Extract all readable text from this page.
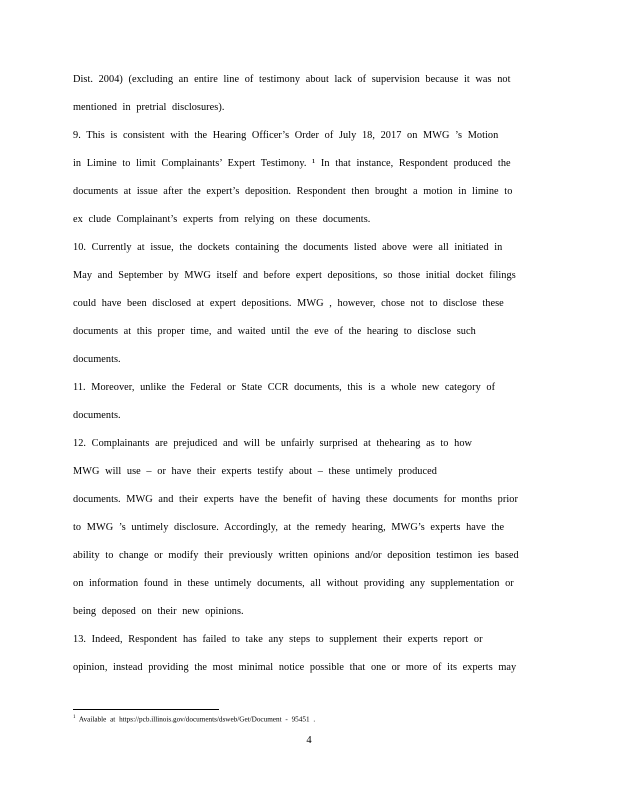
Dist. 2004) (excluding an entire line of testimony about lack of supervision because it was not
mentioned in pretrial disclosures).
9. This is consistent with the Hearing Officer’s Order of July 18, 2017 on MWG ’s Motion
in Limine to limit Complainants’ Expert Testimony. ¹ In that instance, Respondent produced the
documents at issue after the expert’s deposition. Respondent then brought a motion in limine to
ex clude Complainant’s experts from relying on these documents.
10. Currently at issue, the dockets containing the documents listed above were all initiated in
May and September by MWG itself and before expert depositions, so those initial docket filings
could have been disclosed at expert depositions. MWG , however, chose not to disclose these
documents at this proper time, and waited until the eve of the hearing to disclose such
documents.
11. Moreover, unlike the Federal or State CCR documents, this is a whole new category of
documents.
12. Complainants are prejudiced and will be unfairly surprised at thehearing as to how
MWG will use – or have their experts testify about – these untimely produced
documents. MWG and their experts have the benefit of having these documents for months prior
to MWG ’s untimely disclosure. Accordingly, at the remedy hearing, MWG’s experts have the
ability to change or modify their previously written opinions and/or deposition testimon ies based
on information found in these untimely documents, all without providing any supplementation or
being deposed on their new opinions.
13. Indeed, Respondent has failed to take any steps to supplement their experts report or
opinion, instead providing the most minimal notice possible that one or more of its experts may
$^1$ Available at https://pcb.illinois.gov/documents/dsweb/Get/Document - 95451 .
4
